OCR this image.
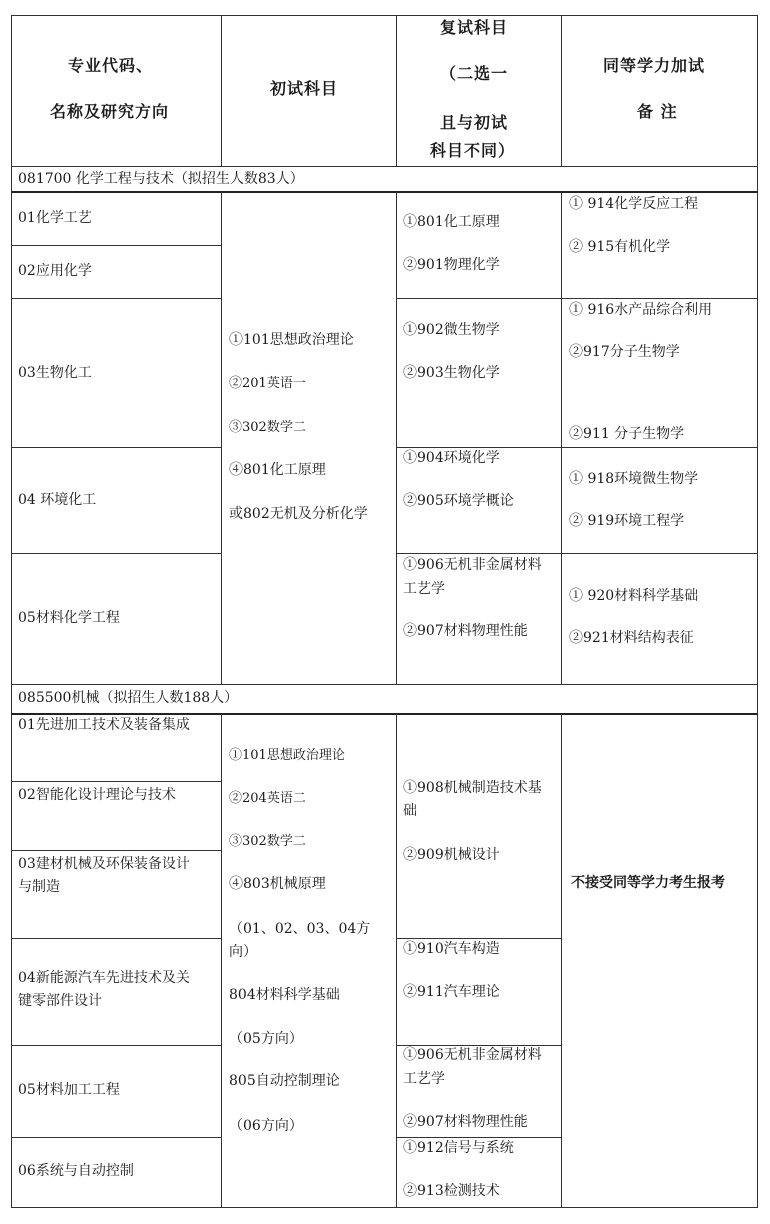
专业代码、
名称及研究方向
初试科目
复试科目
（二选一
且与初试
科目不同）
同等学力加试
备 注
081700 化学工程与技术（拟招生人数83人）
01化学工艺
02应用化学
03生物化工
04 环境化工
05材料化学工程
①101思想政治理论
②201英语一
③302数学二
④801化工原理
或802无机及分析化学
①801化工原理
②901物理化学
①902微生物学
②903生物化学
①904环境化学
②905环境学概论
①906无机非金属材料
工艺学
②907材料物理性能
① 914化学反应工程
② 915有机化学
① 916水产品综合利用
②917分子生物学
②911 分子生物学
① 918环境微生物学
② 919环境工程学
① 920材料科学基础
②921材料结构表征
085500机械（拟招生人数188人）
01先进加工技术及装备集成
02智能化设计理论与技术
03建材机械及环保装备设计
与制造
04新能源汽车先进技术及关
键零部件设计
05材料加工工程
06系统与自动控制
①101思想政治理论
②204英语二
③302数学二
④803机械原理
（01、02、03、04方
向）
804材料科学基础
（05方向）
805自动控制理论
（06方向）
①908机械制造技术基
础
②909机械设计
①910汽车构造
②911汽车理论
①906无机非金属材料
工艺学
②907材料物理性能
①912信号与系统
②913检测技术
不接受同等学力考生报考
